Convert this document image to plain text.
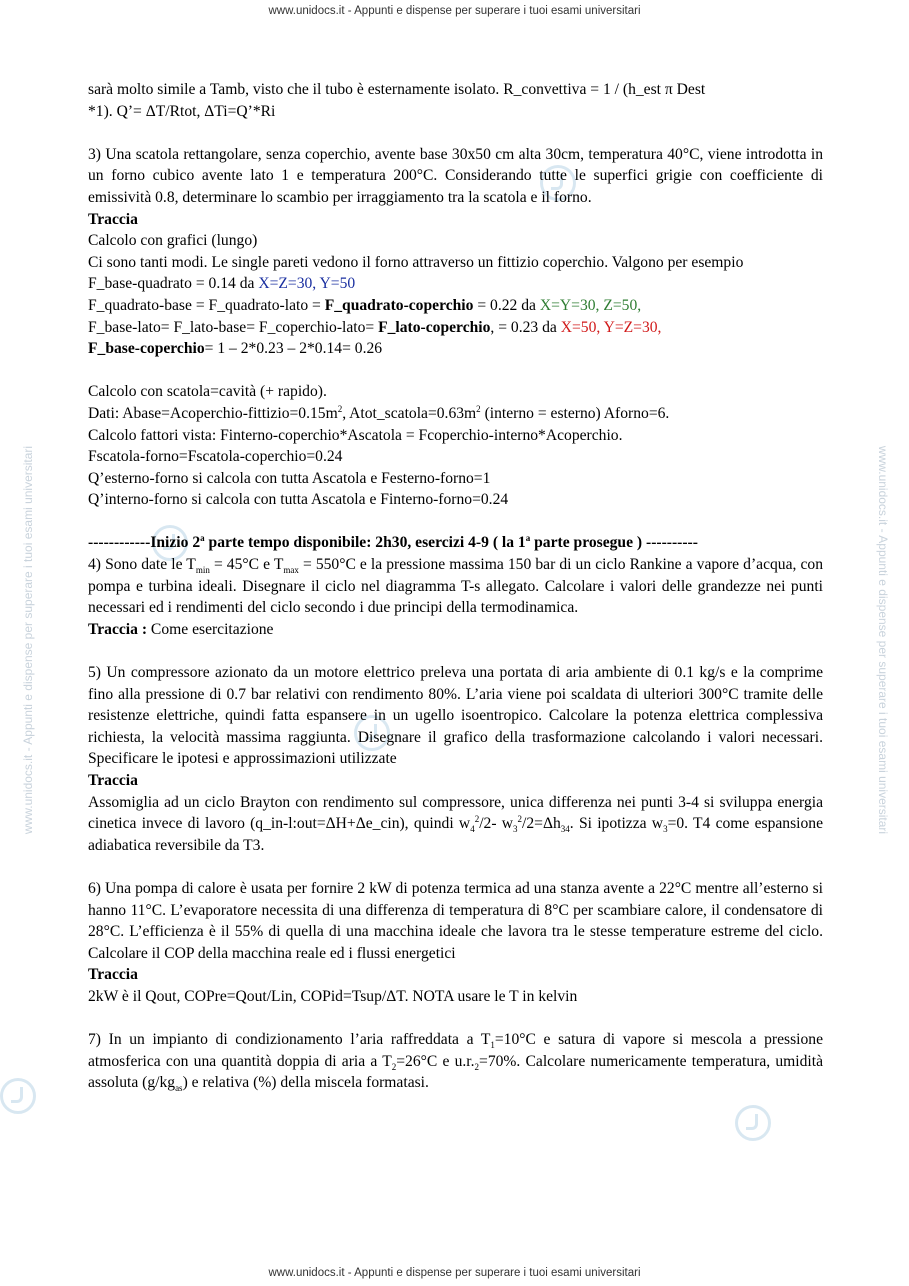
www.unidocs.it - Appunti e dispense per superare i tuoi esami universitari
www.unidocs.it - Appunti e dispense per superare i tuoi esami universitari	www.unidocs.it - Appunti e dispense per superare i tuoi esami universitari

sarà molto simile a Tamb, visto che il tubo è esternamente isolato. R_convettiva = 1 / (h_est π Dest
*1). Q’= ΔT/Rtot, ΔTi=Q’*Ri

3) Una scatola rettangolare, senza coperchio, avente base 30x50 cm alta 30cm, temperatura 40°C, viene introdotta in un forno cubico avente lato 1 e temperatura 200°C. Considerando tutte le superfici grigie con coefficiente di emissività 0.8, determinare lo scambio per irraggiamento tra la scatola e il forno.

Traccia

Calcolo con grafici (lungo)

Ci sono tanti modi. Le single pareti vedono il forno attraverso un fittizio coperchio. Valgono per esempio

F_base-quadrato = 0.14 da X=Z=30, Y=50

F_quadrato-base = F_quadrato-lato = F_quadrato-coperchio = 0.22 da X=Y=30, Z=50,

F_base-lato= F_lato-base= F_coperchio-lato= F_lato-coperchio, = 0.23 da X=50, Y=Z=30,

F_base-coperchio= 1 – 2*0.23 – 2*0.14= 0.26

Calcolo con scatola=cavità (+ rapido).

Dati: $Abase=Acoperchio-fittizio=0.15m^2$, $Atot\_scatola=0.63m^2$ (interno = esterno) Aforno=6.

Calcolo fattori vista: Finterno-coperchio*Ascatola = Fcoperchio-interno*Acoperchio.

Fscatola-forno=Fscatola-coperchio=0.24

Q’esterno-forno si calcola con tutta Ascatola e Festerno-forno=1

Q’interno-forno si calcola con tutta Ascatola e Finterno-forno=0.24

------------Inizio 2$^a$ parte tempo disponibile: 2h30, esercizi 4-9 ( la 1$^a$ parte prosegue ) ----------

4) Sono date le $T_{min} = 45^\circ C$ e $T_{max} = 550^\circ C$ e la pressione massima 150 bar di un ciclo Rankine a vapore d’acqua, con pompa e turbina ideali. Disegnare il ciclo nel diagramma T-s allegato. Calcolare i valori delle grandezze nei punti necessari ed i rendimenti del ciclo secondo i due principi della termodinamica.

Traccia : Come esercitazione

5) Un compressore azionato da un motore elettrico preleva una portata di aria ambiente di 0.1 kg/s e la comprime fino alla pressione di 0.7 bar relativi con rendimento 80%. L’aria viene poi scaldata di ulteriori 300°C tramite delle resistenze elettriche, quindi fatta espansere in un ugello isoentropico. Calcolare la potenza elettrica complessiva richiesta, la velocità massima raggiunta. Disegnare il grafico della trasformazione calcolando i valori necessari. Specificare le ipotesi e approssimazioni utilizzate

Traccia

Assomiglia ad un ciclo Brayton con rendimento sul compressore, unica differenza nei punti 3-4 si sviluppa energia cinetica invece di lavoro (q_in-l:out=ΔH+Δe_cin), quindi $w_4^2/2-$ $w_3^2/2=\Delta h_{34}$. Si ipotizza $w_3=0$. T4 come espansione adiabatica reversibile da T3.

6) Una pompa di calore è usata per fornire 2 kW di potenza termica ad una stanza avente a 22°C mentre all’esterno si hanno 11°C. L’evaporatore necessita di una differenza di temperatura di 8°C per scambiare calore, il condensatore di 28°C. L’efficienza è il 55% di quella di una macchina ideale che lavora tra le stesse temperature estreme del ciclo. Calcolare il COP della macchina reale ed i flussi energetici

Traccia

2kW è il Qout, COPre=Qout/Lin, COPid=Tsup/ΔT. NOTA usare le T in kelvin

7) In un impianto di condizionamento l’aria raffreddata a $T_1=10^\circ C$ e satura di vapore si mescola a pressione atmosferica con una quantità doppia di aria a $T_2=26^\circ C$ e $u.r._2=70\%$. Calcolare numericamente temperatura, umidità assoluta $(g/kg_{as})$ e relativa (%) della miscela formatasi.

www.unidocs.it - Appunti e dispense per superare i tuoi esami universitari
